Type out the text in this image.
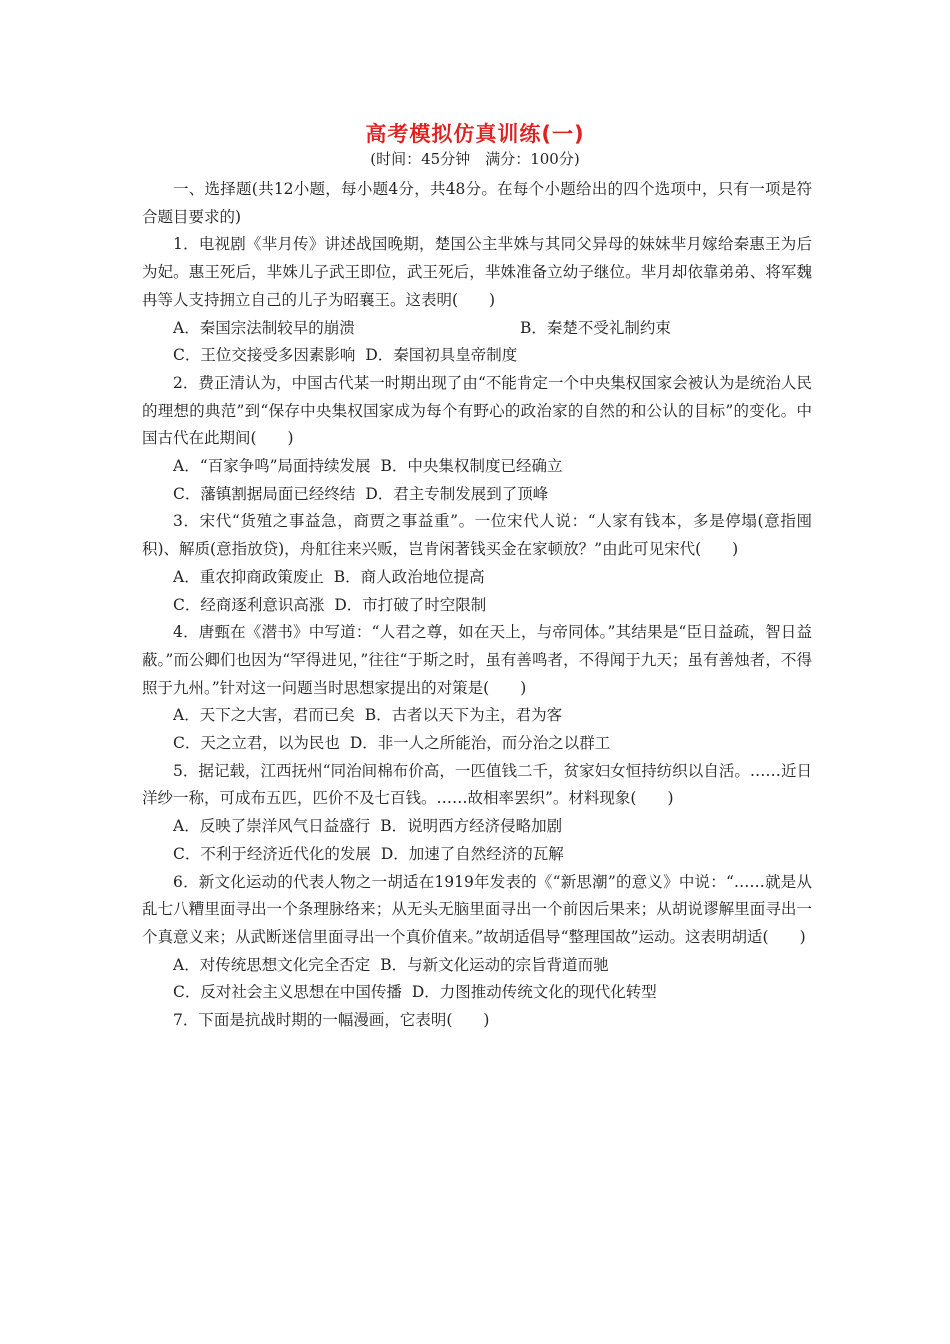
高考模拟仿真训练(一)
(时间：45分钟　满分：100分)

一、选择题(共12小题，每小题4分，共48分。在每个小题给出的四个选项中，只有一项是符合题目要求的)

1．电视剧《芈月传》讲述战国晚期，楚国公主芈姝与其同父异母的妹妹芈月嫁给秦惠王为后为妃。惠王死后，芈姝儿子武王即位，武王死后，芈姝准备立幼子继位。芈月却依靠弟弟、将军魏冉等人支持拥立自己的儿子为昭襄王。这表明(　　)

A．秦国宗法制较早的崩溃	B．秦楚不受礼制约束

C．王位交接受多因素影响 D．秦国初具皇帝制度

2．费正清认为，中国古代某一时期出现了由“不能肯定一个中央集权国家会被认为是统治人民的理想的典范”到“保存中央集权国家成为每个有野心的政治家的自然的和公认的目标”的变化。中国古代在此期间(　　)

A．“百家争鸣”局面持续发展 B．中央集权制度已经确立

C．藩镇割据局面已经终结 D．君主专制发展到了顶峰

3．宋代“货殖之事益急，商贾之事益重”。一位宋代人说：“人家有钱本，多是停塌(意指囤积)、解质(意指放贷)，舟舡往来兴贩，岂肯闲著钱买金在家顿放？”由此可见宋代(　　)

A．重农抑商政策废止 B．商人政治地位提高

C．经商逐利意识高涨 D．市打破了时空限制

4．唐甄在《潜书》中写道：“人君之尊，如在天上，与帝同体。”其结果是“臣日益疏，智日益蔽。”而公卿们也因为“罕得进见，”往往“于斯之时，虽有善鸣者，不得闻于九天；虽有善烛者，不得照于九州。”针对这一问题当时思想家提出的对策是(　　)

A．天下之大害，君而已矣 B．古者以天下为主，君为客

C．天之立君，以为民也 D．非一人之所能治，而分治之以群工

5．据记载，江西抚州“同治间棉布价高，一匹值钱二千，贫家妇女恒持纺织以自活。……近日洋纱一称，可成布五匹，匹价不及七百钱。……故相率罢织”。材料现象(　　)

A．反映了崇洋风气日益盛行 B．说明西方经济侵略加剧

C．不利于经济近代化的发展 D．加速了自然经济的瓦解

6．新文化运动的代表人物之一胡适在1919年发表的《“新思潮”的意义》中说：“……就是从乱七八糟里面寻出一个条理脉络来；从无头无脑里面寻出一个前因后果来；从胡说谬解里面寻出一个真意义来；从武断迷信里面寻出一个真价值来。”故胡适倡导“整理国故”运动。这表明胡适(　　)

A．对传统思想文化完全否定 B．与新文化运动的宗旨背道而驰

C．反对社会主义思想在中国传播 D．力图推动传统文化的现代化转型

7．下面是抗战时期的一幅漫画，它表明(　　)
